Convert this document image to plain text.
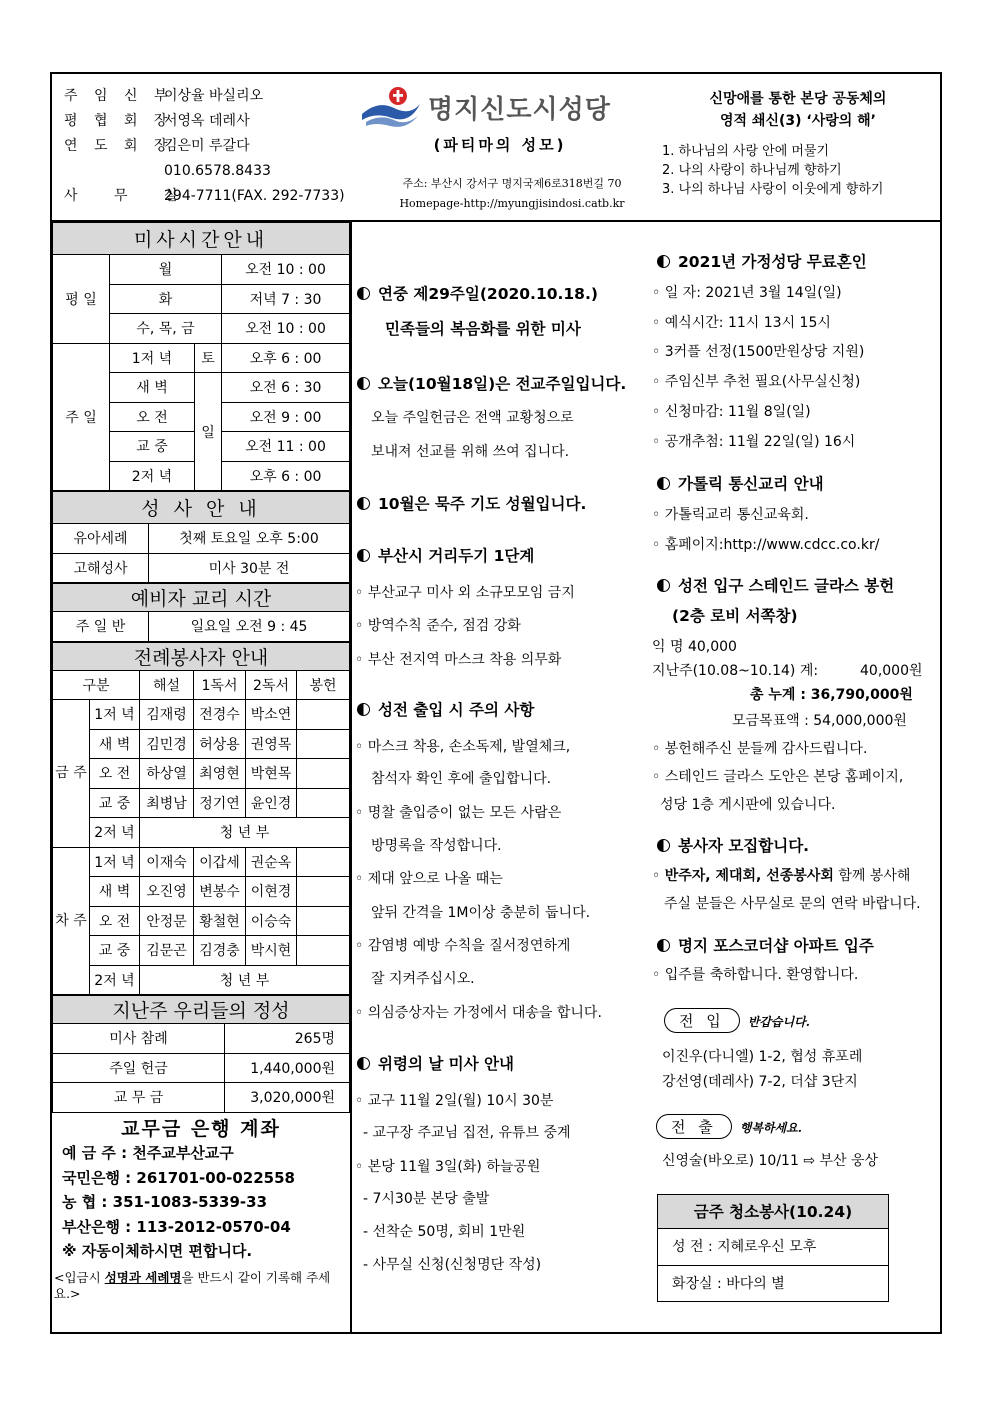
주 임 신 부
이상율 바실리오
평 협 회 장
서영옥 데레사
연 도 회 장
김은미 루갈다
010.6578.8433
사 무 실
294-7711(FAX. 292-7733)
명지신도시성당
(파티마의 성모)
주소: 부산시 강서구 명지국제6로318번길 70
Homepage-http://myungjisindosi.catb.kr
신망애를 통한 본당 공동체의
영적 쇄신(3) ‘사랑의 해’
1. 하나님의 사랑 안에 머물기
2. 나의 사랑이 하나님께 향하기
3. 나의 하나님 사랑이 이웃에게 향하기
미사시간안내			
평 일	월		오전 10 : 00
	화		저녁 7 : 30
	수, 목, 금		오전 10 : 00
주 일	1저 녁	토	오후 6 : 00
	새 벽	일	오전 6 : 30
	오 전		오전 9 : 00
	교 중		오전 11 : 00
	2저 녁		오후 6 : 00
성 사 안 내	
유아세례	첫째 토요일 오후 5:00
고해성사	미사 30분 전
예비자 교리 시간
주 일 반	일요일 오전 9 : 45
전례봉사자 안내					
구분		해설	1독서	2독서	봉헌
금 주	1저 녁	김재령	전경수	박소연	
	새 벽	김민경	허상용	권영목	
	오 전	하상열	최영현	박현목	
	교 중	최병남	정기연	윤인경	
	2저 녁	청 년 부			
차 주	1저 녁	이재숙	이갑세	권순옥	
	새 벽	오진영	변봉수	이현경	
	오 전	안정문	황철현	이승숙	
	교 중	김문곤	김경충	박시현	
	2저 녁	청 년 부			
지난주 우리들의 정성	
미사 참례	265명
주일 헌금	1,440,000원
교 무 금	3,020,000원
교무금 은행 계좌
예 금 주 : 천주교부산교구
국민은행 : 261701-00-022558
농 협 : 351-1083-5339-33
부산은행 : 113-2012-0570-04
※ 자동이체하시면 편합니다.
<입금시 성명과 세례명을 반드시 같이 기록해 주세요.>
연중 제29주일(2020.10.18.)
민족들의 복음화를 위한 미사
오늘(10월18일)은 전교주일입니다.
오늘 주일헌금은 전액 교황청으로
보내져 선교를 위해 쓰여 집니다.
10월은 묵주 기도 성월입니다.
부산시 거리두기 1단계
◦ 부산교구 미사 외 소규모모임 금지
◦ 방역수칙 준수, 점검 강화
◦ 부산 전지역 마스크 착용 의무화
성전 출입 시 주의 사항
◦ 마스크 착용, 손소독제, 발열체크,
참석자 확인 후에 출입합니다.
◦ 명찰 출입증이 없는 모든 사람은
방명록을 작성합니다.
◦ 제대 앞으로 나올 때는
앞뒤 간격을 1M이상 충분히 둡니다.
◦ 감염병 예방 수칙을 질서정연하게
잘 지켜주십시오.
◦ 의심증상자는 가정에서 대송을 합니다.
위령의 날 미사 안내
◦ 교구 11월 2일(월) 10시 30분
- 교구장 주교님 집전, 유튜브 중계
◦ 본당 11월 3일(화) 하늘공원
- 7시30분 본당 출발
- 선착순 50명, 회비 1만원
- 사무실 신청(신청명단 작성)
2021년 가정성당 무료혼인
◦ 일 자: 2021년 3월 14일(일)
◦ 예식시간: 11시 13시 15시
◦ 3커플 선정(1500만원상당 지원)
◦ 주임신부 추천 필요(사무실신청)
◦ 신청마감: 11월 8일(일)
◦ 공개추첨: 11월 22일(일) 16시
가톨릭 통신교리 안내
◦ 가톨릭교리 통신교육회.
◦ 홈페이지:http://www.cdcc.co.kr/
성전 입구 스테인드 글라스 봉헌
(2층 로비 서쪽창)
익 명 40,000
지난주(10.08~10.14) 계:	40,000원
총 누계 : 36,790,000원
모금목표액 : 54,000,000원
◦ 봉헌해주신 분들께 감사드립니다.
◦ 스테인드 글라스 도안은 본당 홈페이지,
성당 1층 게시판에 있습니다.
봉사자 모집합니다.
◦ 반주자, 제대회, 선종봉사회 함께 봉사해
주실 분들은 사무실로 문의 연락 바랍니다.
명지 포스코더샵 아파트 입주
◦ 입주를 축하합니다. 환영합니다.
전 입 반갑습니다.
이진우(다니엘) 1-2, 협성 휴포레
강선영(데레사) 7-2, 더샵 3단지
전 출 행복하세요.
신영술(바오로) 10/11 ⇨ 부산 웅상
금주 청소봉사(10.24)
성 전 : 지혜로우신 모후
화장실 : 바다의 별
